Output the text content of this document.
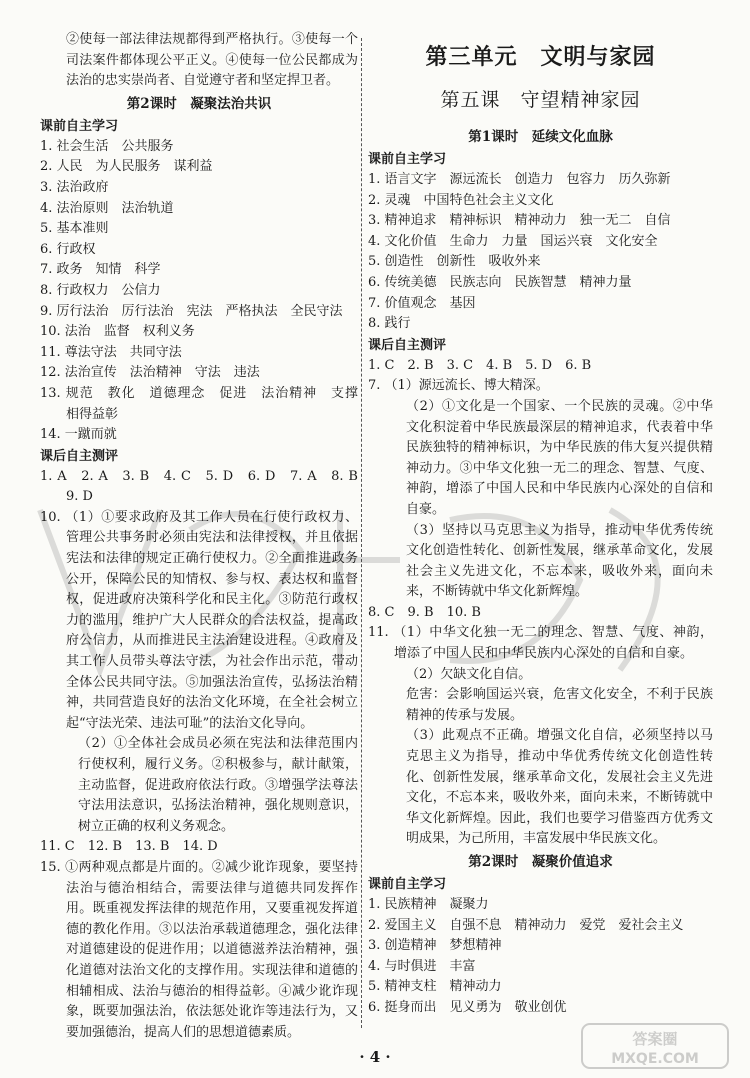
②使每一部法律法规都得到严格执行。③使每一个司法案件都体现公平正义。④使每一位公民都成为法治的忠实崇尚者、自觉遵守者和坚定捍卫者。

第2课时　凝聚法治共识
课前自主学习

1. 社会生活　公共服务

2. 人民　为人民服务　谋利益

3. 法治政府

4. 法治原则　法治轨道

5. 基本准则

6. 行政权

7. 政务　知情　科学

8. 行政权力　公信力

9. 厉行法治　厉行法治　宪法　严格执法　全民守法

10. 法治　监督　权利义务

11. 尊法守法　共同守法

12. 法治宣传　法治精神　守法　违法

13. 规范　教化　道德理念　促进　法治精神　支撑　相得益彰

14. 一蹴而就

课后自主测评

1. A　2. A　3. B　4. C　5. D　6. D　7. A　8. B　9. D

10. （1）①要求政府及其工作人员在行使行政权力、管理公共事务时必须由宪法和法律授权，并且依据宪法和法律的规定正确行使权力。②全面推进政务公开，保障公民的知情权、参与权、表达权和监督权，促进政府决策科学化和民主化。③防范行政权力的滥用，维护广大人民群众的合法权益，提高政府公信力，从而推进民主法治建设进程。④政府及其工作人员带头尊法守法，为社会作出示范，带动全体公民共同守法。⑤加强法治宣传，弘扬法治精神，共同营造良好的法治文化环境，在全社会树立起“守法光荣、违法可耻”的法治文化导向。

（2）①全体社会成员必须在宪法和法律范围内行使权利，履行义务。②积极参与，献计献策，主动监督，促进政府依法行政。③增强学法尊法守法用法意识，弘扬法治精神，强化规则意识，树立正确的权利义务观念。

11. C　12. B　13. B　14. D

15. ①两种观点都是片面的。②减少讹诈现象，要坚持法治与德治相结合，需要法律与道德共同发挥作用。既重视发挥法律的规范作用，又要重视发挥道德的教化作用。③以法治承载道德理念，强化法律对道德建设的促进作用；以道德滋养法治精神，强化道德对法治文化的支撑作用。实现法律和道德的相辅相成、法治与德治的相得益彰。④减少讹诈现象，既要加强法治，依法惩处讹诈等违法行为，又要加强德治，提高人们的思想道德素质。

第三单元　文明与家园
第五课　守望精神家园
第1课时　延续文化血脉
课前自主学习

1. 语言文字　源远流长　创造力　包容力　历久弥新

2. 灵魂　中国特色社会主义文化

3. 精神追求　精神标识　精神动力　独一无二　自信

4. 文化价值　生命力　力量　国运兴衰　文化安全

5. 创造性　创新性　吸收外来

6. 传统美德　民族志向　民族智慧　精神力量

7. 价值观念　基因

8. 践行

课后自主测评

1. C　2. B　3. C　4. B　5. D　6. B

7. （1）源远流长、博大精深。

（2）①文化是一个国家、一个民族的灵魂。②中华文化积淀着中华民族最深层的精神追求，代表着中华民族独特的精神标识，为中华民族的伟大复兴提供精神动力。③中华文化独一无二的理念、智慧、气度、神韵，增添了中国人民和中华民族内心深处的自信和自豪。

（3）坚持以马克思主义为指导，推动中华优秀传统文化创造性转化、创新性发展，继承革命文化，发展社会主义先进文化，不忘本来，吸收外来，面向未来，不断铸就中华文化新辉煌。

8. C　9. B　10. B

11. （1）中华文化独一无二的理念、智慧、气度、神韵，增添了中国人民和中华民族内心深处的自信和自豪。

（2）欠缺文化自信。

危害：会影响国运兴衰，危害文化安全，不利于民族精神的传承与发展。

（3）此观点不正确。增强文化自信，必须坚持以马克思主义为指导，推动中华优秀传统文化创造性转化、创新性发展，继承革命文化，发展社会主义先进文化，不忘本来，吸收外来，面向未来，不断铸就中华文化新辉煌。因此，我们也要学习借鉴西方优秀文明成果，为己所用，丰富发展中华民族文化。

第2课时　凝聚价值追求
课前自主学习

1. 民族精神　凝聚力

2. 爱国主义　自强不息　精神动力　爱党　爱社会主义

3. 创造精神　梦想精神

4. 与时俱进　丰富

5. 精神支柱　精神动力

6. 挺身而出　见义勇为　敬业创优

· 4 ·
答案圈
MXQE.COM
